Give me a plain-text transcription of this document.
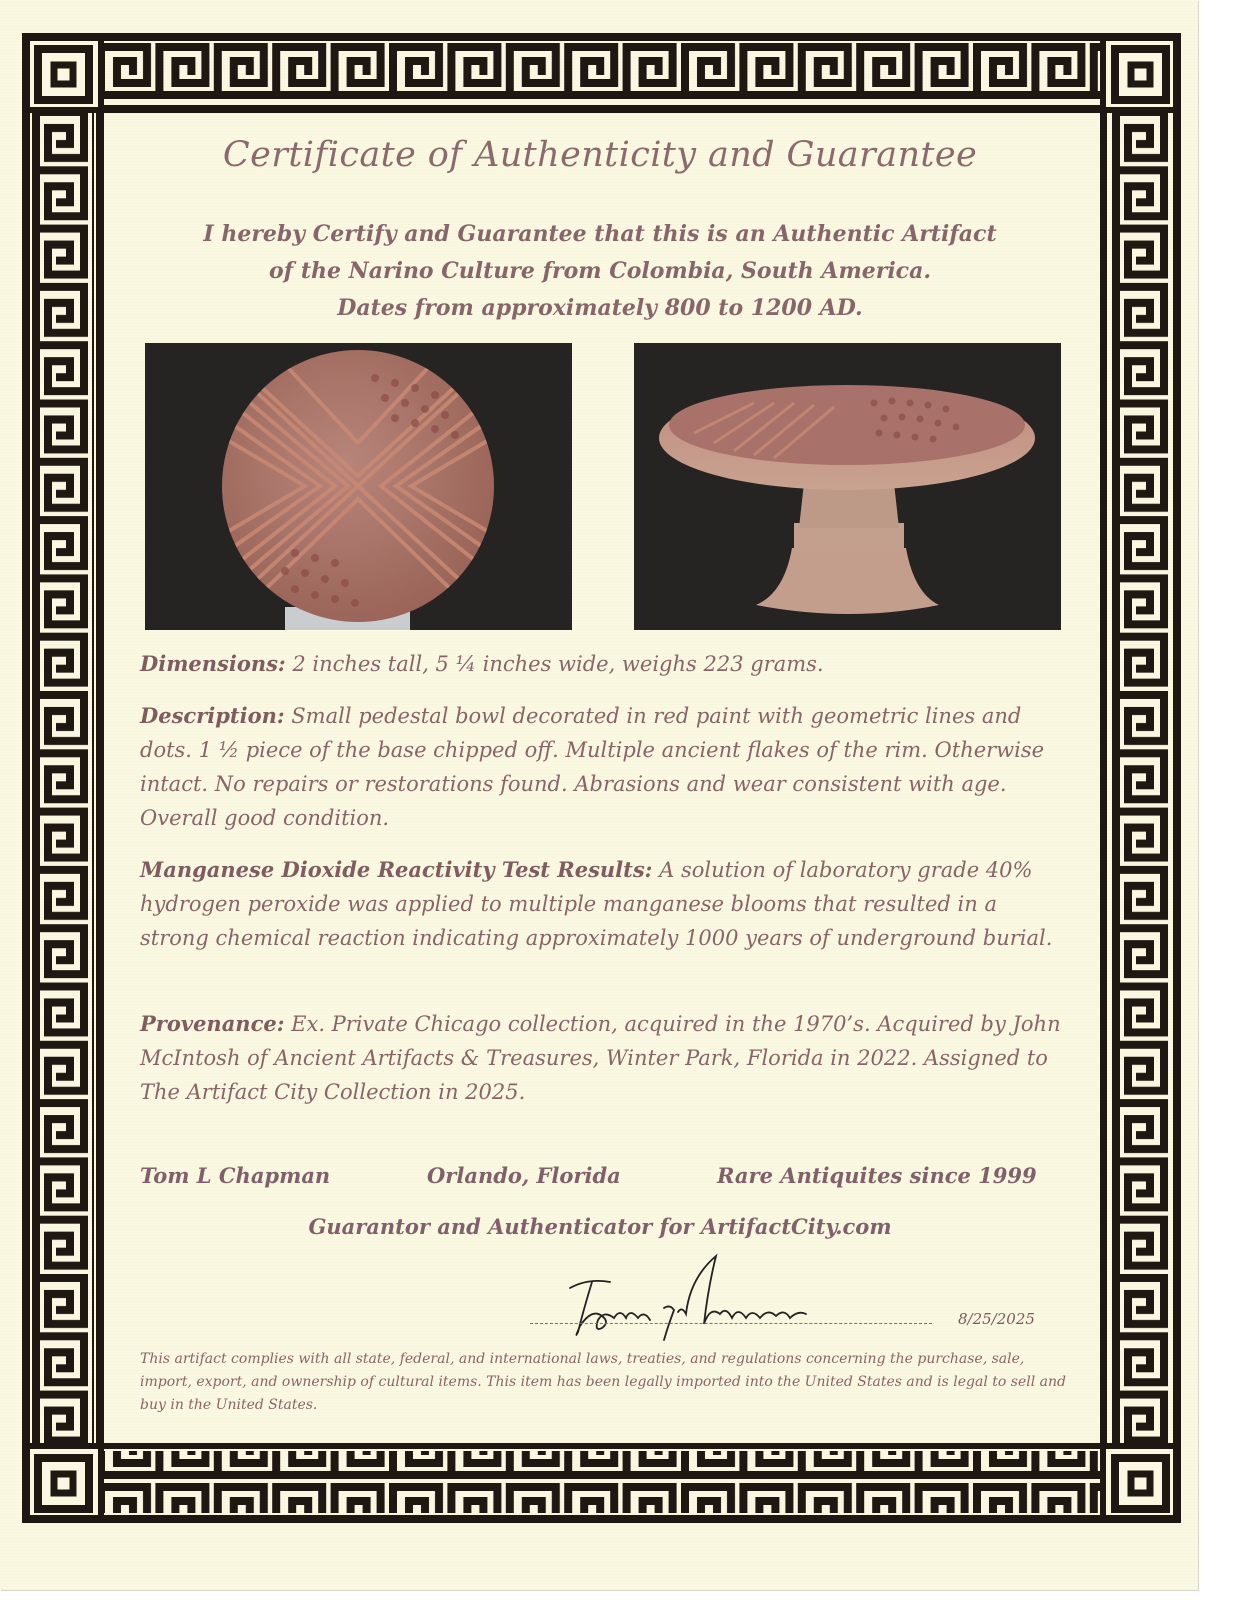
Certificate of Authenticity and Guarantee
I hereby Certify and Guarantee that this is an Authentic Artifact
of the Narino Culture from Colombia, South America.
Dates from approximately 800 to 1200 AD.
Dimensions: 2 inches tall, 5 ¼ inches wide, weighs 223 grams.
Description: Small pedestal bowl decorated in red paint with geometric lines and dots. 1 ½ piece of the base chipped off. Multiple ancient flakes of the rim. Otherwise intact. No repairs or restorations found. Abrasions and wear consistent with age. Overall good condition.
Manganese Dioxide Reactivity Test Results: A solution of laboratory grade 40% hydrogen peroxide was applied to multiple manganese blooms that resulted in a strong chemical reaction indicating approximately 1000 years of underground burial.
Provenance: Ex. Private Chicago collection, acquired in the 1970’s. Acquired by John McIntosh of Ancient Artifacts & Treasures, Winter Park, Florida in 2022. Assigned to The Artifact City Collection in 2025.
Tom L Chapman	Orlando, Florida	Rare Antiquites since 1999
Guarantor and Authenticator for ArtifactCity.com
8/25/2025
This artifact complies with all state, federal, and international laws, treaties, and regulations concerning the purchase, sale, import, export, and ownership of cultural items. This item has been legally imported into the United States and is legal to sell and buy in the United States.
